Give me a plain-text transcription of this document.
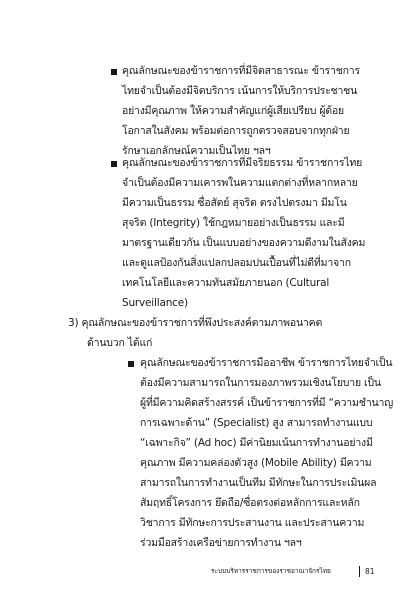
คุณลักษณะของข้าราชการที่มีจิตสาธารณะ ข้าราชการ
ไทยจำเป็นต้องมีจิตบริการ เน้นการให้บริการประชาชน
อย่างมีคุณภาพ ให้ความสำคัญแก่ผู้เสียเปรียบ ผู้ด้อย
โอกาสในสังคม พร้อมต่อการถูกตรวจสอบจากทุกฝ่าย
รักษาเอกลักษณ์ความเป็นไทย ฯลฯ
คุณลักษณะของข้าราชการที่มีจริยธรรม ข้าราชการไทย
จำเป็นต้องมีความเคารพในความแตกต่างที่หลากหลาย
มีความเป็นธรรม ซื่อสัตย์ สุจริต ตรงไปตรงมา มีมโน
สุจริต (Integrity) ใช้กฎหมายอย่างเป็นธรรม และมี
มาตรฐานเดียวกัน เป็นแบบอย่างของความดีงามในสังคม
และดูแลป้องกันสิ่งแปลกปลอมปนเปื้อนที่ไม่ดีที่มาจาก
เทคโนโลยีและความทันสมัยภายนอก (Cultural
Surveillance)
3) คุณลักษณะของข้าราชการที่พึงประสงค์ตามภาพอนาคต
ด้านบวก ได้แก่
คุณลักษณะของข้าราชการมืออาชีพ ข้าราชการไทยจำเป็น
ต้องมีความสามารถในการมองภาพรวมเชิงนโยบาย เป็น
ผู้ที่มีความคิดสร้างสรรค์ เป็นข้าราชการที่มี “ความชำนาญ
การเฉพาะด้าน” (Specialist) สูง สามารถทำงานแบบ
“เฉพาะกิจ” (Ad hoc) มีค่านิยมเน้นการทำงานอย่างมี
คุณภาพ มีความคล่องตัวสูง (Mobile Ability) มีความ
สามารถในการทำงานเป็นทีม มีทักษะในการประเมินผล
สัมฤทธิ์โครงการ ยึดถือ/ซื่อตรงต่อหลักการและหลัก
วิชาการ มีทักษะการประสานงาน และประสานความ
ร่วมมือสร้างเครือข่ายการทำงาน ฯลฯ
ระบบบริหารราชการของราชอาณาจักรไทย	81
